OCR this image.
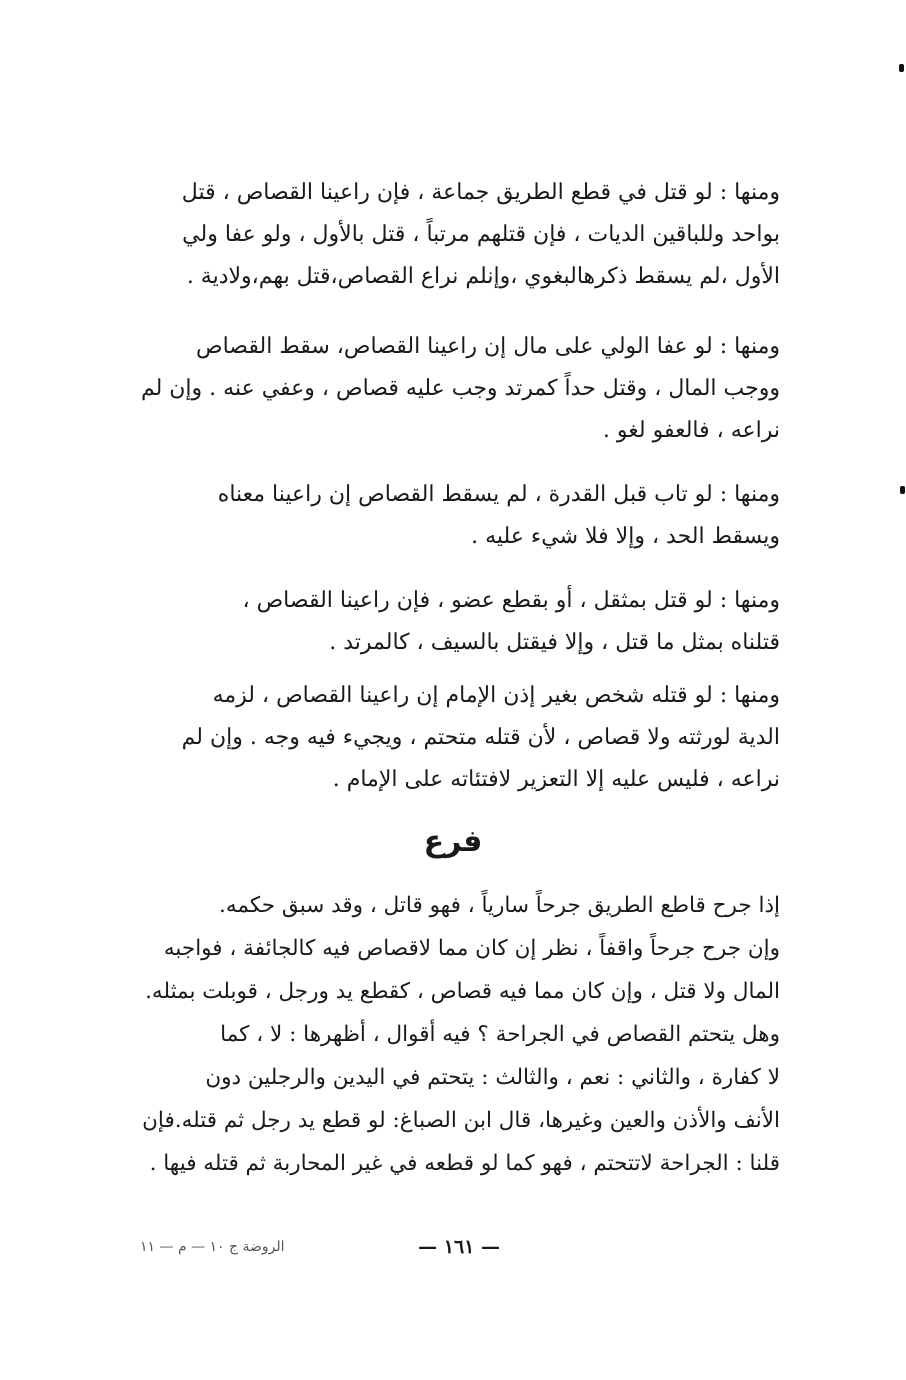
ومنها : لو قتل في قطع الطريق جماعة ، فإن راعينا القصاص ، قتل
بواحد وللباقين الديات ، فإن قتلهم مرتباً ، قتل بالأول ، ولو عفا ولي
الأول ،لم يسقط ذكرهالبغوي ،وإنلم نراع القصاص،قتل بهم،ولادية .
ومنها : لو عفا الولي على مال إن راعينا القصاص، سقط القصاص
ووجب المال ، وقتل حداً كمرتد وجب عليه قصاص ، وعفي عنه . وإن لم
نراعه ، فالعفو لغو .
ومنها : لو تاب قبل القدرة ، لم يسقط القصاص إن راعينا معناه
ويسقط الحد ، وإلا فلا شيء عليه .
ومنها : لو قتل بمثقل ، أو بقطع عضو ، فإن راعينا القصاص ،
قتلناه بمثل ما قتل ، وإلا فيقتل بالسيف ، كالمرتد .
ومنها : لو قتله شخص بغير إذن الإمام إن راعينا القصاص ، لزمه
الدية لورثته ولا قصاص ، لأن قتله متحتم ، ويجيء فيه وجه . وإن لم
نراعه ، فليس عليه إلا التعزير لافتئاته على الإمام .
فرع
إذا جرح قاطع الطريق جرحاً سارياً ، فهو قاتل ، وقد سبق حكمه.
وإن جرح جرحاً واقفاً ، نظر إن كان مما لاقصاص فيه كالجائفة ، فواجبه
المال ولا قتل ، وإن كان مما فيه قصاص ، كقطع يد ورجل ، قوبلت بمثله.
وهل يتحتم القصاص في الجراحة ؟ فيه أقوال ، أظهرها : لا ، كما
لا كفارة ، والثاني : نعم ، والثالث : يتحتم في اليدين والرجلين دون
الأنف والأذن والعين وغيرها، قال ابن الصباغ: لو قطع يد رجل ثم قتله.فإن
قلنا : الجراحة لاتتحتم ، فهو كما لو قطعه في غير المحاربة ثم قتله فيها .
— ١٦١ —
الروضة ج ١٠ — م — ١١
